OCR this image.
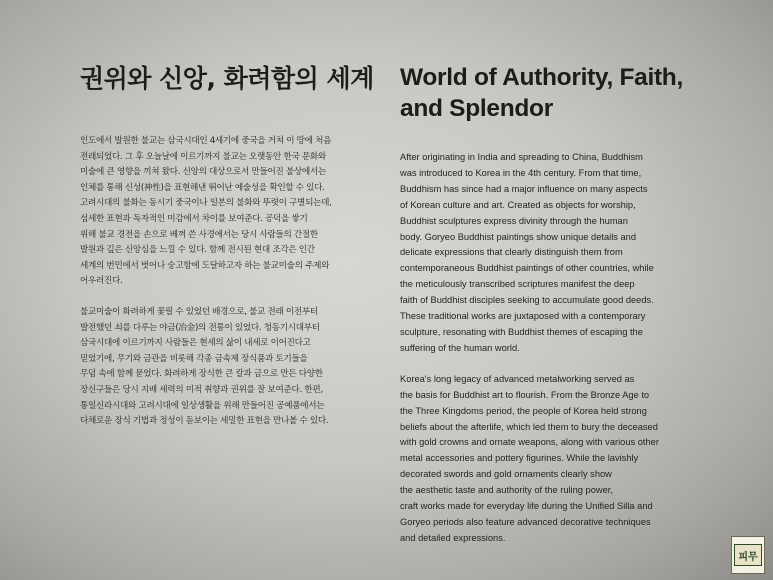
권위와 신앙, 화려함의 세계

인도에서 발원한 불교는 삼국시대인 4세기에 중국을 거쳐 이 땅에 처음
전래되었다. 그 후 오늘날에 이르기까지 불교는 오랫동안 한국 문화와
미술에 큰 영향을 끼쳐 왔다. 신앙의 대상으로서 만들어진 불상에서는
인체를 통해 신성(神性)을 표현해낸 뛰어난 예술성을 확인할 수 있다.
고려시대의 불화는 동시기 중국이나 일본의 불화와 뚜렷이 구별되는데,
섬세한 표현과 독자적인 미감에서 차이를 보여준다. 공덕을 쌓기
위해 불교 경전을 손으로 베껴 쓴 사경에서는 당시 사람들의 간절한
발원과 깊은 신앙심을 느낄 수 있다. 함께 전시된 현대 조각은 인간
세계의 번민에서 벗어나 숭고함에 도달하고자 하는 불교미술의 주제와
어우러진다.

불교미술이 화려하게 꽃필 수 있었던 배경으로, 불교 전래 이전부터
발전했던 쇠를 다루는 야금(冶金)의 전통이 있었다. 청동기시대부터
삼국시대에 이르기까지 사람들은 현세의 삶이 내세로 이어진다고
믿었기에, 무기와 금관을 비롯해 각종 금속제 장식품과 토기들을
무덤 속에 함께 묻었다. 화려하게 장식한 큰 칼과 금으로 만든 다양한
장신구들은 당시 지배 세력의 미적 취향과 권위를 잘 보여준다. 한편,
통일신라시대와 고려시대에 일상생활을 위해 만들어진 공예품에서는
다채로운 장식 기법과 정성이 돋보이는 세밀한 표현을 만나볼 수 있다.

World of Authority, Faith,
and Splendor

After originating in India and spreading to China, Buddhism
was introduced to Korea in the 4th century. From that time,
Buddhism has since had a major influence on many aspects
of Korean culture and art. Created as objects for worship,
Buddhist sculptures express divinity through the human
body. Goryeo Buddhist paintings show unique details and
delicate expressions that clearly distinguish them from
contemporaneous Buddhist paintings of other countries, while
the meticulously transcribed scriptures manifest the deep
faith of Buddhist disciples seeking to accumulate good deeds.
These traditional works are juxtaposed with a contemporary
sculpture, resonating with Buddhist themes of escaping the
suffering of the human world.

Korea's long legacy of advanced metalworking served as
the basis for Buddhist art to flourish. From the Bronze Age to
the Three Kingdoms period, the people of Korea held strong
beliefs about the afterlife, which led them to bury the deceased
with gold crowns and ornate weapons, along with various other
metal accessories and pottery figurines. While the lavishly
decorated swords and gold ornaments clearly show
the aesthetic taste and authority of the ruling power,
craft works made for everyday life during the Unified Silla and
Goryeo periods also feature advanced decorative techniques
and detailed expressions.

피무
